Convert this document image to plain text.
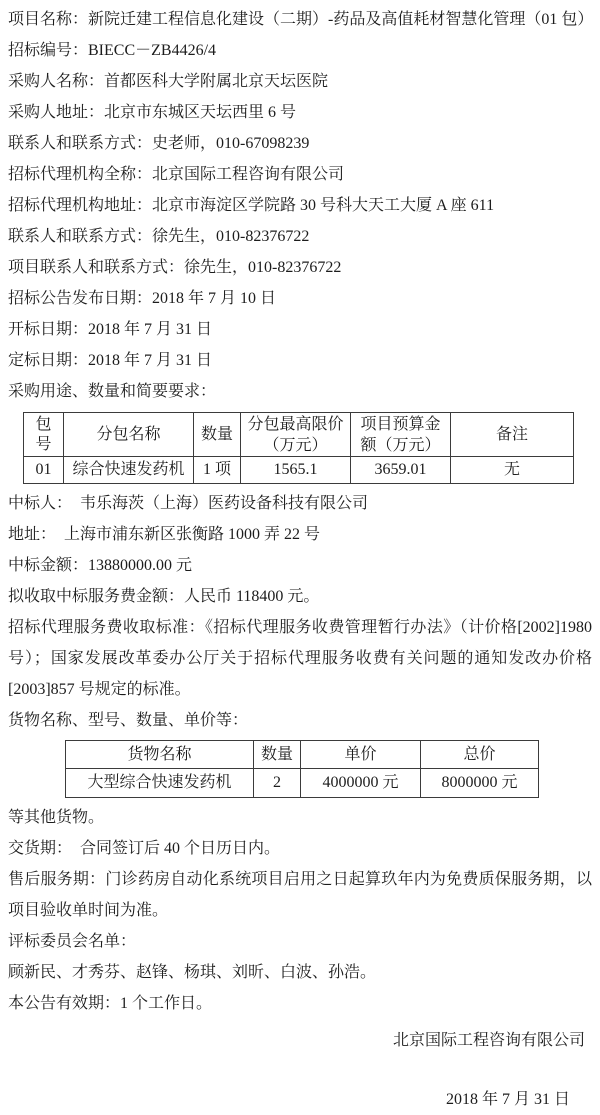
项目名称：新院迁建工程信息化建设（二期）-药品及高值耗材智慧化管理（01 包）

招标编号：BIECC－ZB4426/4

采购人名称：首都医科大学附属北京天坛医院

采购人地址：北京市东城区天坛西里 6 号

联系人和联系方式：史老师，010-67098239

招标代理机构全称：北京国际工程咨询有限公司

招标代理机构地址：北京市海淀区学院路 30 号科大天工大厦 A 座 611

联系人和联系方式：徐先生，010-82376722

项目联系人和联系方式：徐先生，010-82376722

招标公告发布日期：2018 年 7 月 10 日

开标日期：2018 年 7 月 31 日

定标日期：2018 年 7 月 31 日

采购用途、数量和简要要求：

包号	分包名称	数量	分包最高限价（万元）	项目预算金额（万元）	备注
01	综合快速发药机	1 项	1565.1	3659.01	无

中标人：　韦乐海茨（上海）医药设备科技有限公司

地址：　上海市浦东新区张衡路 1000 弄 22 号

中标金额：13880000.00 元

拟收取中标服务费金额：人民币 118400 元。

招标代理服务费收取标准：《招标代理服务收费管理暂行办法》（计价格[2002]1980 号）；国家发展改革委办公厅关于招标代理服务收费有关问题的通知发改办价格[2003]857 号规定的标准。

货物名称、型号、数量、单价等：

货物名称	数量	单价	总价
大型综合快速发药机	2	4000000 元	8000000 元

等其他货物。

交货期：　合同签订后 40 个日历日内。

售后服务期：门诊药房自动化系统项目启用之日起算玖年内为免费质保服务期，以项目验收单时间为准。

评标委员会名单：

顾新民、才秀芬、赵锋、杨琪、刘昕、白波、孙浩。

本公告有效期：1 个工作日。

北京国际工程咨询有限公司

2018 年 7 月 31 日
